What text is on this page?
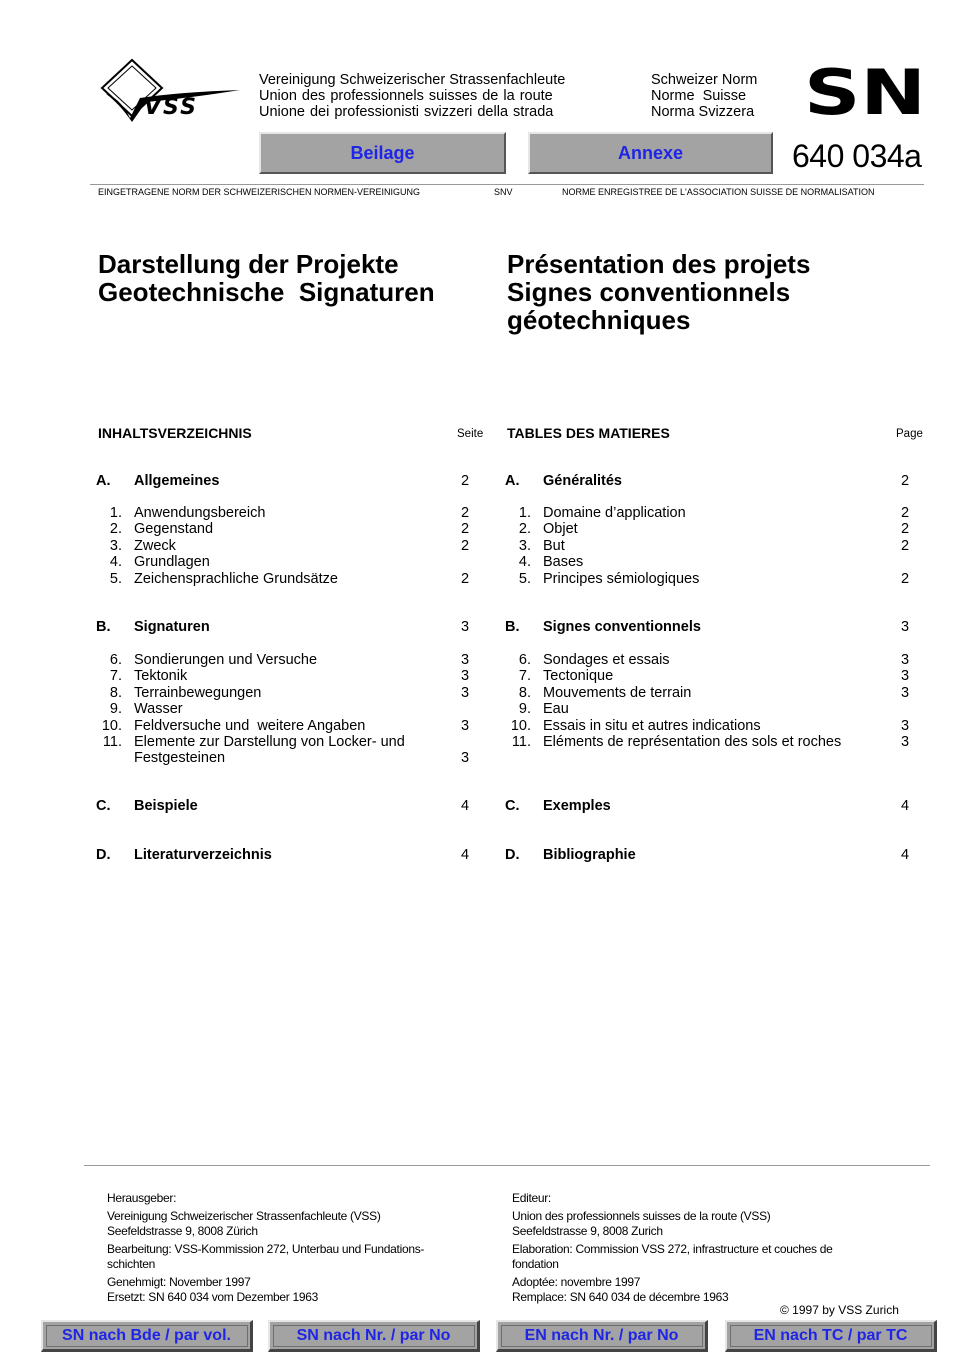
VSS
Vereinigung Schweizerischer Strassenfachleute
Union des professionnels suisses de la route
Unione dei professionisti svizzeri della strada
Schweizer Norm
Norme  Suisse
Norma Svizzera SN
Beilage	Annexe	640 034a
EINGETRAGENE NORM DER SCHWEIZERISCHEN NORMEN-VEREINIGUNG	SNV	NORME ENREGISTREE DE L'ASSOCIATION SUISSE DE NORMALISATION
Darstellung der Projekte
Geotechnische  Signaturen
Présentation des projets
Signes conventionnels
géotechniques
INHALTSVERZEICHNIS	Seite TABLES DES MATIERES	Page
A. Allgemeines	2
1. Anwendungsbereich	2
2. Gegenstand	2
3. Zweck	2
4. Grundlagen
5. Zeichensprachliche Grundsätze	2
B. Signaturen	3
6. Sondierungen und Versuche	3
7. Tektonik	3
8. Terrainbewegungen	3
9. Wasser
10. Feldversuche und  weitere Angaben	3
11. Elemente zur Darstellung von Locker- und
Festgesteinen	3
C. Beispiele	4
D. Literaturverzeichnis	4
A. Généralités	2
1. Domaine d’application	2
2. Objet	2
3. But	2
4. Bases
5. Principes sémiologiques	2
B. Signes conventionnels	3
6. Sondages et essais	3
7. Tectonique	3
8. Mouvements de terrain	3
9. Eau
10. Essais in situ et autres indications	3
11. Eléments de représentation des sols et roches	3
C. Exemples	4
D. Bibliographie	4
Herausgeber:
Vereinigung Schweizerischer Strassenfachleute (VSS)
Seefeldstrasse 9, 8008 Zürich
Bearbeitung: VSS-Kommission 272, Unterbau und Fundations-
schichten
Genehmigt: November 1997
Ersetzt: SN 640 034 vom Dezember 1963
Editeur:
Union des professionnels suisses de la route (VSS)
Seefeldstrasse 9, 8008 Zurich
Elaboration: Commission VSS 272, infrastructure et couches de
fondation
Adoptée: novembre 1997
Remplace: SN 640 034 de décembre 1963
© 1997 by VSS Zurich
SN nach Bde / par vol.	SN nach Nr. / par No	EN nach Nr. / par No	EN nach TC / par TC
